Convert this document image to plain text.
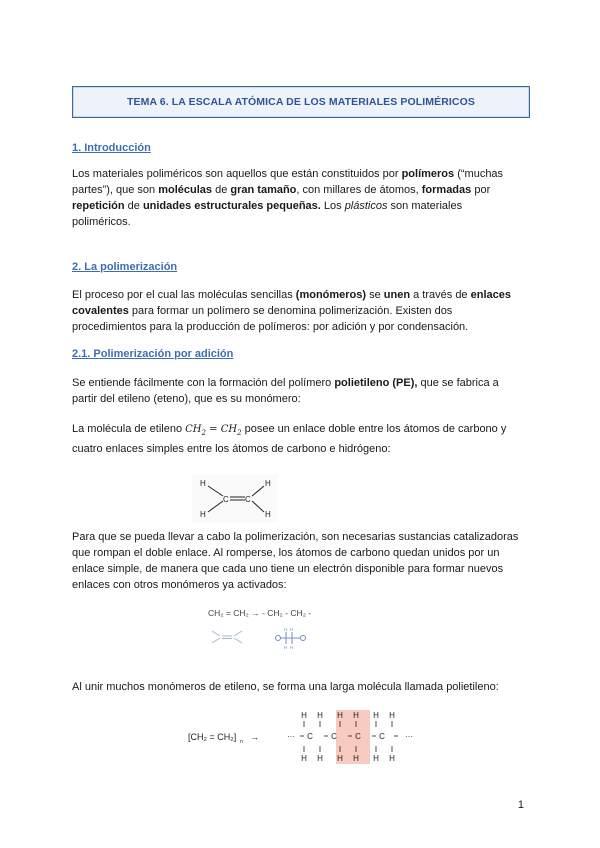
TEMA 6. LA ESCALA ATÓMICA DE LOS MATERIALES POLIMÉRICOS
1. Introducción
Los materiales poliméricos son aquellos que están constituidos por polímeros (“muchas
partes”), que son moléculas de gran tamaño, con millares de átomos, formadas por
repetición de unidades estructurales pequeñas. Los plásticos son materiales
poliméricos.
2. La polimerización
El proceso por el cual las moléculas sencillas (monómeros) se unen a través de enlaces
covalentes para formar un polímero se denomina polimerización. Existen dos
procedimientos para la producción de polímeros: por adición y por condensación.
2.1. Polimerización por adición
Se entiende fácilmente con la formación del polímero polietileno (PE), que se fabrica a
partir del etileno (eteno), que es su monómero:
La molécula de etileno $CH_2 = CH_2$ posee un enlace doble entre los átomos de carbono y
cuatro enlaces simples entre los átomos de carbono e hidrógeno:
H
H
C C
H
H
Para que se pueda llevar a cabo la polimerización, son necesarias sustancias catalizadoras
que rompan el doble enlace. Al romperse, los átomos de carbono quedan unidos por un
enlace simple, de manera que cada uno tiene un electrón disponible para formar nuevos
enlaces con otros monómeros ya activados:
CH₂ = CH₂ → - CH₂ - CH₂ -
H H
H H
Al unir muchos monómeros de etileno, se forma una larga molécula llamada polietileno:
[CH₂ = CH₂] n →	···	···
H
H
H
H
H
H
H
H
H
H
H
H
C C C C
1
